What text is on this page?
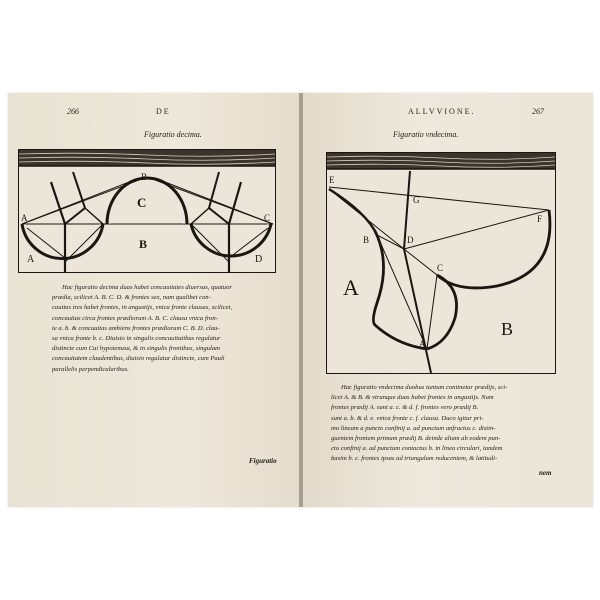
266	DE
Figuratio decima.
B
C
B
A	C
A	D
Hac figuratio decima duas habet concauitates diuersas, quatuor
prædia, scilicet A. B. C. D. & frontes sex, nam qualibet con-
cauitas tres habet frontes, in angustijs, vnica fronte clausas, scilicet,
concauitas circa frontes prædiorum A. B. C. clausa vnica fron-
te a. b. & concauitas ambiens frontes prædiorum C. B. D. clau-
sa vnica fronte b. c. Diuisio in singulis concauitatibus regulatur
distincte cum Cai hypotenusa, & in singulis frontibus, singulam
concauitatem claudentibus, diuisio regulatur distincte, cum Pauli
parallelis perpendicularibus.
Figuratio
ALLVVIONE.	267
Figuratio vndecima.
E
G
F
B	D
C
A
A
B
Hac figuratio vndecima duobus tantum continetur prædijs, sci-
licet A. & B. & vtrunque duas habet frontes in angustijs. Nam
frontes prædij A. sunt a. c. & d. f. frontes vero prædij B.
sunt a. b. & d. e. vnica fronte c. f. clausa. Duco igitur pri-
mo lineam a puncto confinij a. ad punctum anfractus c. distin-
guentem frontem primam prædij B. deinde aliam ab eodem pun-
cto confinij a. ad punctum contactus b. in linea circulari, tandem
basim b. c. frontes ipsas ad triangulum reducentem, & latitudi-
nem
